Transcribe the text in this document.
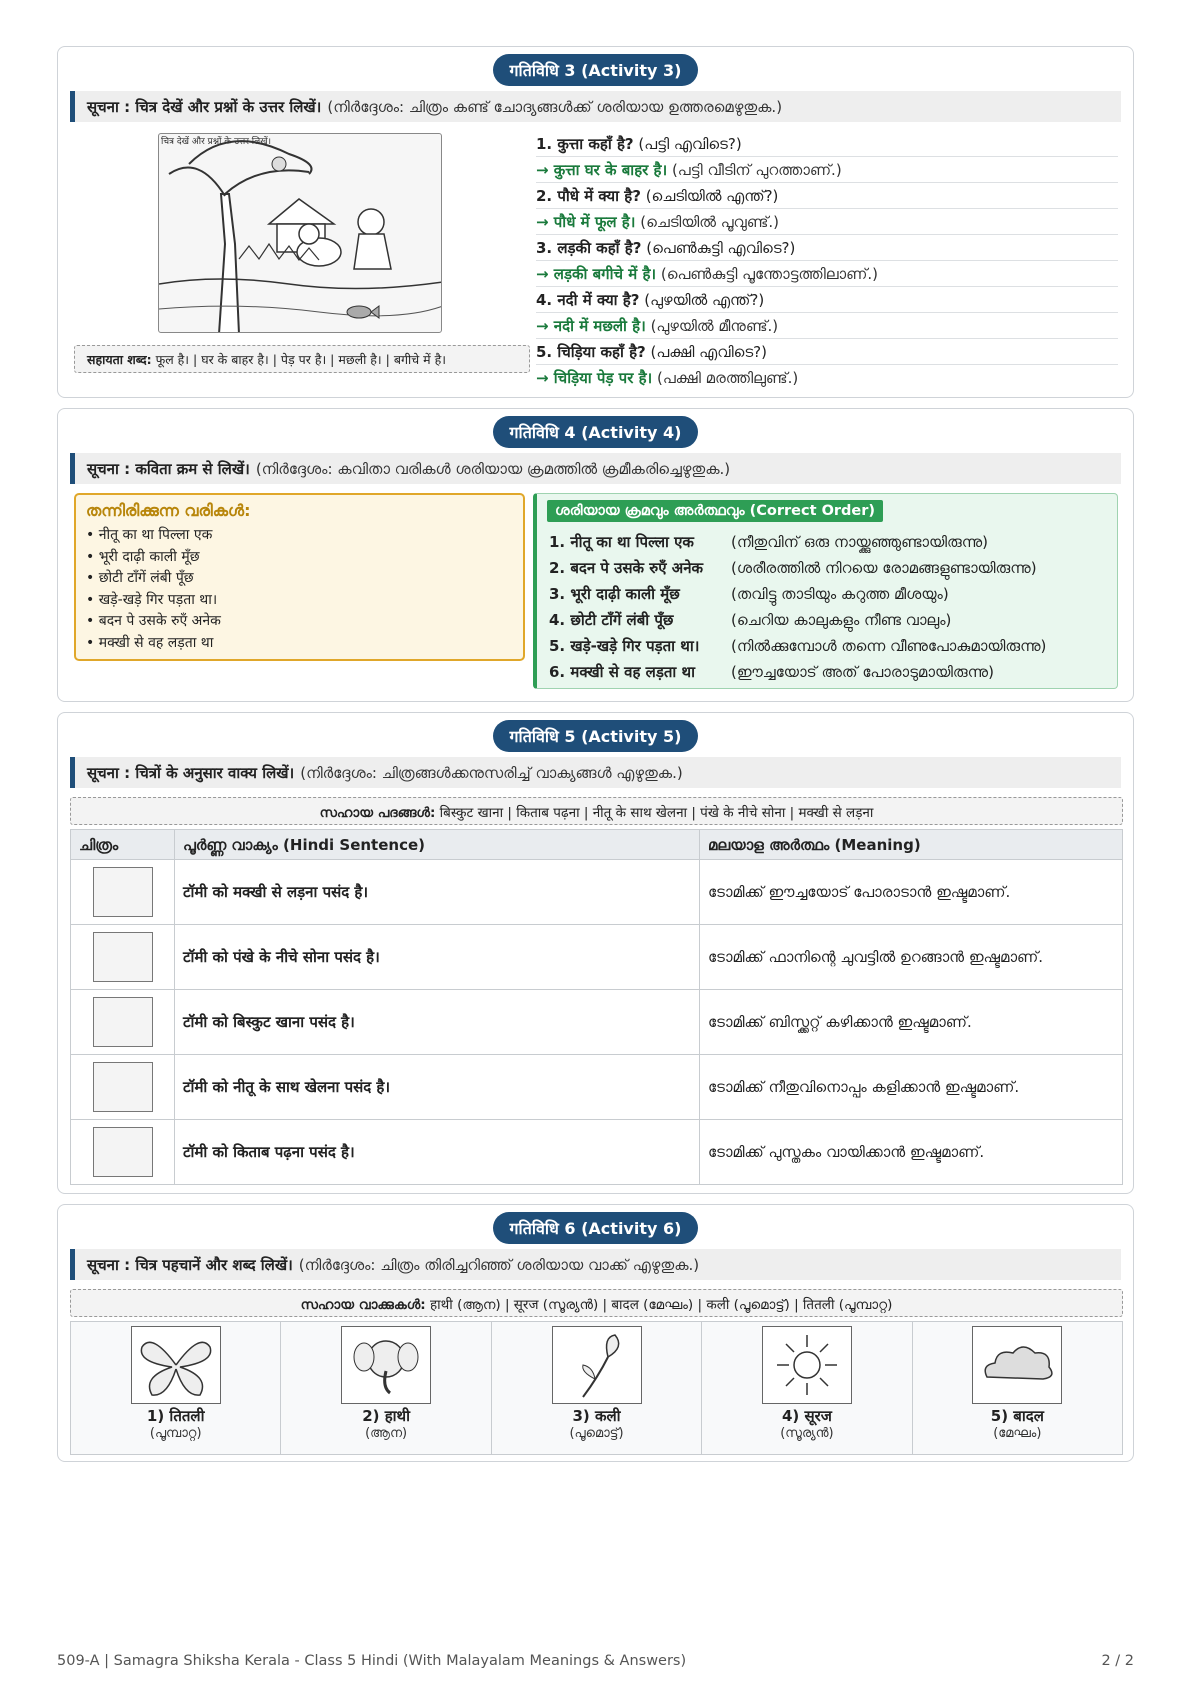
गतिविधि 3 (Activity 3)
सूचना : चित्र देखें और प्रश्नों के उत्तर लिखें। (നിർദ്ദേശം: ചിത്രം കണ്ട് ചോദ്യങ്ങൾക്ക് ശരിയായ ഉത്തരമെഴുതുക.)
चित्र देखें और प्रश्नों के उत्तर लिखें।
सहायता शब्द: फूल है। | घर के बाहर है। | पेड़ पर है। | मछली है। | बगीचे में है।
1. कुत्ता कहाँ है? (പട്ടി എവിടെ?)
→ कुत्ता घर के बाहर है। (പട്ടി വീടിന് പുറത്താണ്.)
2. पौधे में क्या है? (ചെടിയിൽ എന്ത്?)
→ पौधे में फूल है। (ചെടിയിൽ പൂവുണ്ട്.)
3. लड़की कहाँ है? (പെൺകുട്ടി എവിടെ?)
→ लड़की बगीचे में है। (പെൺകുട്ടി പൂന്തോട്ടത്തിലാണ്.)
4. नदी में क्या है? (പുഴയിൽ എന്ത്?)
→ नदी में मछली है। (പുഴയിൽ മീനുണ്ട്.)
5. चिड़िया कहाँ है? (പക്ഷി എവിടെ?)
→ चिड़िया पेड़ पर है। (പക്ഷി മരത്തിലുണ്ട്.)
गतिविधि 4 (Activity 4)
सूचना : कविता क्रम से लिखें। (നിർദ്ദേശം: കവിതാ വരികൾ ശരിയായ ക്രമത്തിൽ ക്രമീകരിച്ചെഴുതുക.)
തന്നിരിക്കുന്ന വരികൾ:
• नीतू का था पिल्ला एक
• भूरी दाढ़ी काली मूँछ
• छोटी टाँगें लंबी पूँछ
• खड़े-खड़े गिर पड़ता था।
• बदन पे उसके रुएँ अनेक
• मक्खी से वह लड़ता था
ശരിയായ ക്രമവും അർത്ഥവും (Correct Order)
1. नीतू का था पिल्ला एक (നീതുവിന് ഒരു നായ്ക്കുഞ്ഞുണ്ടായിരുന്നു)
2. बदन पे उसके रुएँ अनेक (ശരീരത്തിൽ നിറയെ രോമങ്ങളുണ്ടായിരുന്നു)
3. भूरी दाढ़ी काली मूँछ	(തവിട്ടു താടിയും കറുത്ത മീശയും)
4. छोटी टाँगें लंबी पूँछ	(ചെറിയ കാലുകളും നീണ്ട വാലും)
5. खड़े-खड़े गिर पड़ता था। (നിൽക്കുമ്പോൾ തന്നെ വീണുപോകുമായിരുന്നു)
6. मक्खी से वह लड़ता था (ഈച്ചയോട് അത് പോരാടുമായിരുന്നു)
गतिविधि 5 (Activity 5)
सूचना : चित्रों के अनुसार वाक्य लिखें। (നിർദ്ദേശം: ചിത്രങ്ങൾക്കനുസരിച്ച് വാക്യങ്ങൾ എഴുതുക.)
സഹായ പദങ്ങൾ: बिस्कुट खाना | किताब पढ़ना | नीतू के साथ खेलना | पंखे के नीचे सोना | मक्खी से लड़ना
ചിത്രം	പൂർണ്ണ വാക്യം (Hindi Sentence)	മലയാള അർത്ഥം (Meaning)

	टॉमी को मक्खी से लड़ना पसंद है।	ടോമിക്ക് ഈച്ചയോട് പോരാടാൻ ഇഷ്ടമാണ്.

	टॉमी को पंखे के नीचे सोना पसंद है।	ടോമിക്ക് ഫാനിന്റെ ചുവട്ടിൽ ഉറങ്ങാൻ ഇഷ്ടമാണ്.

	टॉमी को बिस्कुट खाना पसंद है।	ടോമിക്ക് ബിസ്ക്കറ്റ് കഴിക്കാൻ ഇഷ്ടമാണ്.

	टॉमी को नीतू के साथ खेलना पसंद है।	ടോമിക്ക് നീതുവിനൊപ്പം കളിക്കാൻ ഇഷ്ടമാണ്.

	टॉमी को किताब पढ़ना पसंद है।	ടോമിക്ക് പുസ്തകം വായിക്കാൻ ഇഷ്ടമാണ്.
गतिविधि 6 (Activity 6)
सूचना : चित्र पहचानें और शब्द लिखें। (നിർദ്ദേശം: ചിത്രം തിരിച്ചറിഞ്ഞ് ശരിയായ വാക്ക് എഴുതുക.)
സഹായ വാക്കുകൾ: हाथी (ആന) | सूरज (സൂര്യൻ) | बादल (മേഘം) | कली (പൂമൊട്ട്) | तितली (പൂമ്പാറ്റ)
1) तितली
(പൂമ്പാറ്റ)
2) हाथी
(ആന)
3) कली
(പൂമൊട്ട്)
4) सूरज
(സൂര്യൻ)
5) बादल
(മേഘം)
509-A | Samagra Shiksha Kerala - Class 5 Hindi (With Malayalam Meanings & Answers)	2 / 2
